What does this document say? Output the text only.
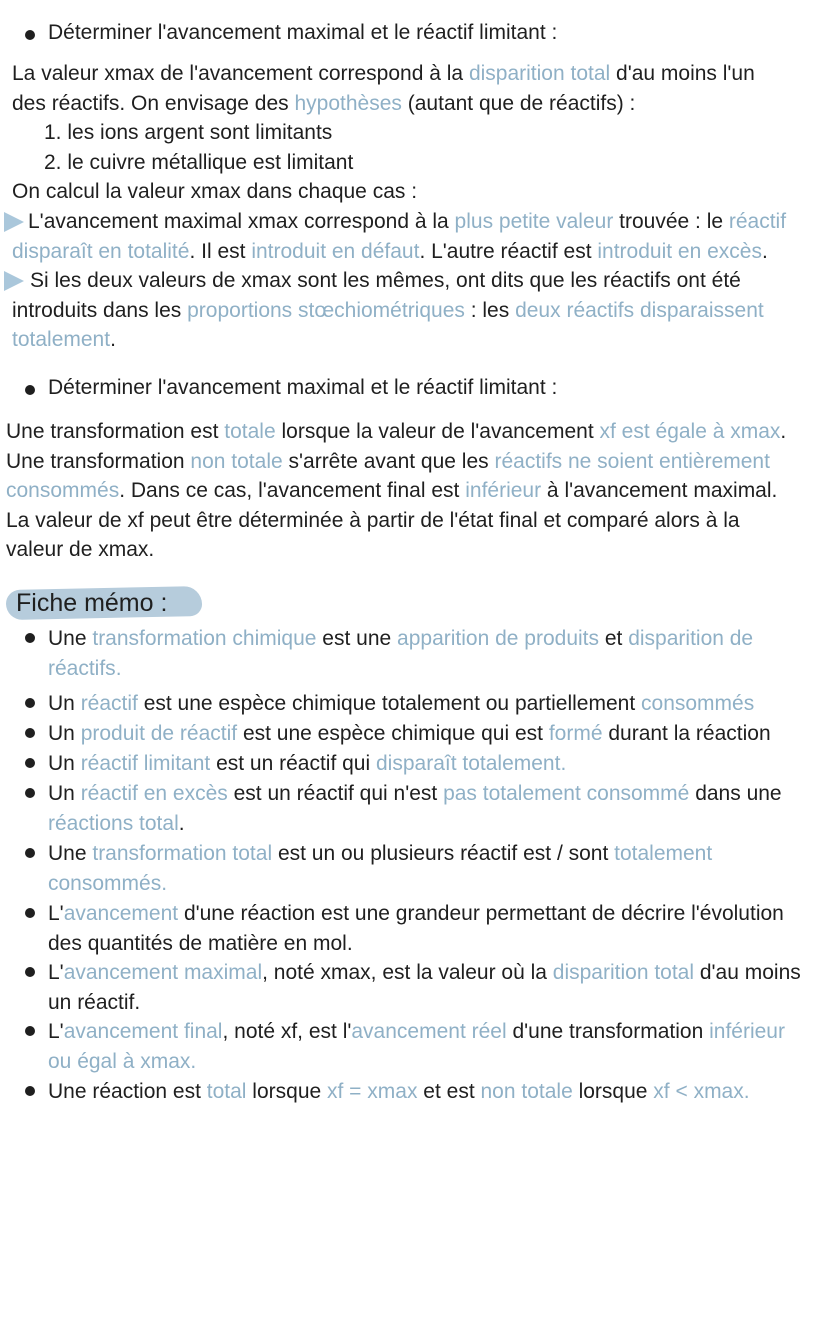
Déterminer l'avancement maximal et le réactif limitant :
La valeur xmax de l'avancement correspond à la disparition total d'au moins l'un
des réactifs. On envisage des hypothèses (autant que de réactifs) :
1. les ions argent sont limitants
2. le cuivre métallique est limitant
On calcul la valeur xmax dans chaque cas :
L'avancement maximal xmax correspond à la plus petite valeur trouvée : le réactif
disparaît en totalité. Il est introduit en défaut. L'autre réactif est introduit en excès.
Si les deux valeurs de xmax sont les mêmes, ont dits que les réactifs ont été
introduits dans les proportions stœchiométriques : les deux réactifs disparaissent
totalement.
Déterminer l'avancement maximal et le réactif limitant :
Une transformation est totale lorsque la valeur de l'avancement xf est égale à xmax.
Une transformation non totale s'arrête avant que les réactifs ne soient entièrement
consommés. Dans ce cas, l'avancement final est inférieur à l'avancement maximal.
La valeur de xf peut être déterminée à partir de l'état final et comparé alors à la
valeur de xmax.
Fiche mémo :
Une transformation chimique est une apparition de produits et disparition de
réactifs.
Un réactif est une espèce chimique totalement ou partiellement consommés
Un produit de réactif est une espèce chimique qui est formé durant la réaction
Un réactif limitant est un réactif qui disparaît totalement.
Un réactif en excès est un réactif qui n'est pas totalement consommé dans une
réactions total.
Une transformation total est un ou plusieurs réactif est / sont totalement
consommés.
L'avancement d'une réaction est une grandeur permettant de décrire l'évolution
des quantités de matière en mol.
L'avancement maximal, noté xmax, est la valeur où la disparition total d'au moins
un réactif.
L'avancement final, noté xf, est l'avancement réel d'une transformation inférieur
ou égal à xmax.
Une réaction est total lorsque xf = xmax et est non totale lorsque xf < xmax.
